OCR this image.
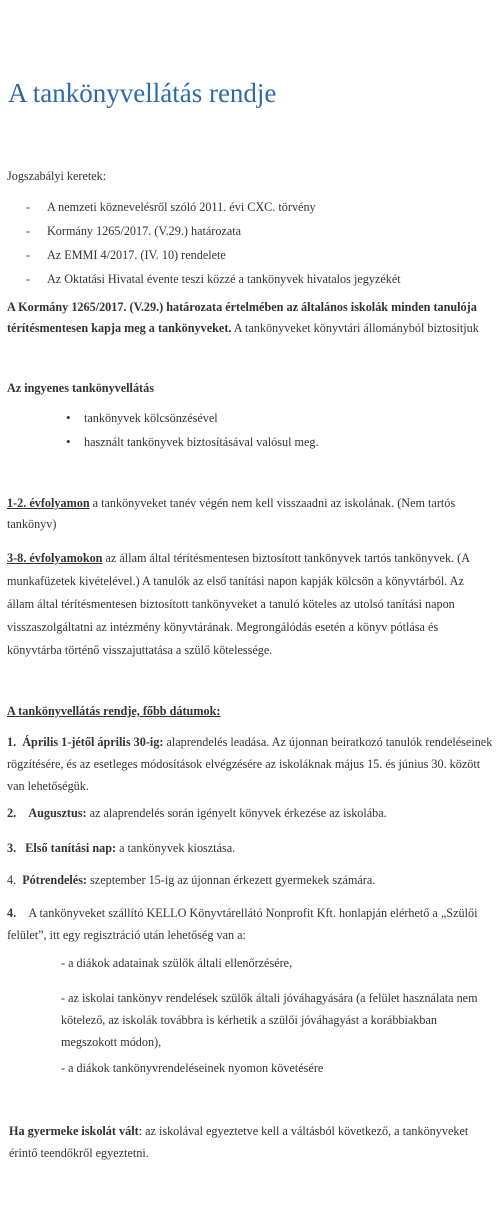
A tankönyvellátás rendje

Jogszabályi keretek:

- A nemzeti köznevelésről szóló 2011. évi CXC. törvény
- Kormány 1265/2017. (V.29.) határozata
- Az EMMI 4/2017. (IV. 10) rendelete
- Az Oktatási Hivatal évente teszi közzé a tankönyvek hivatalos jegyzékét

A Kormány 1265/2017. (V.29.) határozata értelmében az általános iskolák minden tanulója térítésmentesen kapja meg a tankönyveket. A tankönyveket könyvtári állományból biztositjuk

Az ingyenes tankönyvellátás

• tankönyvek kölcsönzésével
• használt tankönyvek biztosításával valósul meg.

1-2. évfolyamon a tankönyveket tanév végén nem kell visszaadni az iskolának. (Nem tartós tankönyv)

3-8. évfolyamokon az állam által térítésmentesen biztosított tankönyvek tartós tankönyvek. (A munkafüzetek kivételével.) A tanulók az első tanítási napon kapják kölcsön a könyvtárból. Az állam által térítésmentesen biztosított tankönyveket a tanuló köteles az utolsó tanítási napon visszaszolgáltatni az intézmény könyvtárának. Megrongálódás esetén a könyv pótlása és könyvtárba történő visszajuttatása a szülő kötelessége.

A tankönyvellátás rendje, főbb dátumok:

1. Április 1-jétől április 30-ig: alaprendelés leadása. Az újonnan beiratkozó tanulók rendeléseinek rögzítésére, és az esetleges módosítások elvégzésére az iskoláknak május 15. és június 30. között van lehetőségük.

2. Augusztus: az alaprendelés során igényelt könyvek érkezése az iskolába.

3. Első tanítási nap: a tankönyvek kiosztása.

4. Pótrendelés: szeptember 15-ig az újonnan érkezett gyermekek számára.

4. A tankönyveket szállító KELLO Könyvtárellátó Nonprofit Kft. honlapján elérhető a „Szülői felület”, itt egy regisztráció után lehetőség van a:

- a diákok adatainak szülők általi ellenőrzésére,

- az iskolai tankönyv rendelések szülők általi jóváhagyására (a felület használata nem kötelező, az iskolák továbbra is kérhetik a szülői jóváhagyást a korábbiakban megszokott módon),

- a diákok tankönyvrendeléseinek nyomon követésére

Ha gyermeke iskolát vált: az iskolával egyeztetve kell a váltásból következő, a tankönyveket érintő teendőkről egyeztetni.
